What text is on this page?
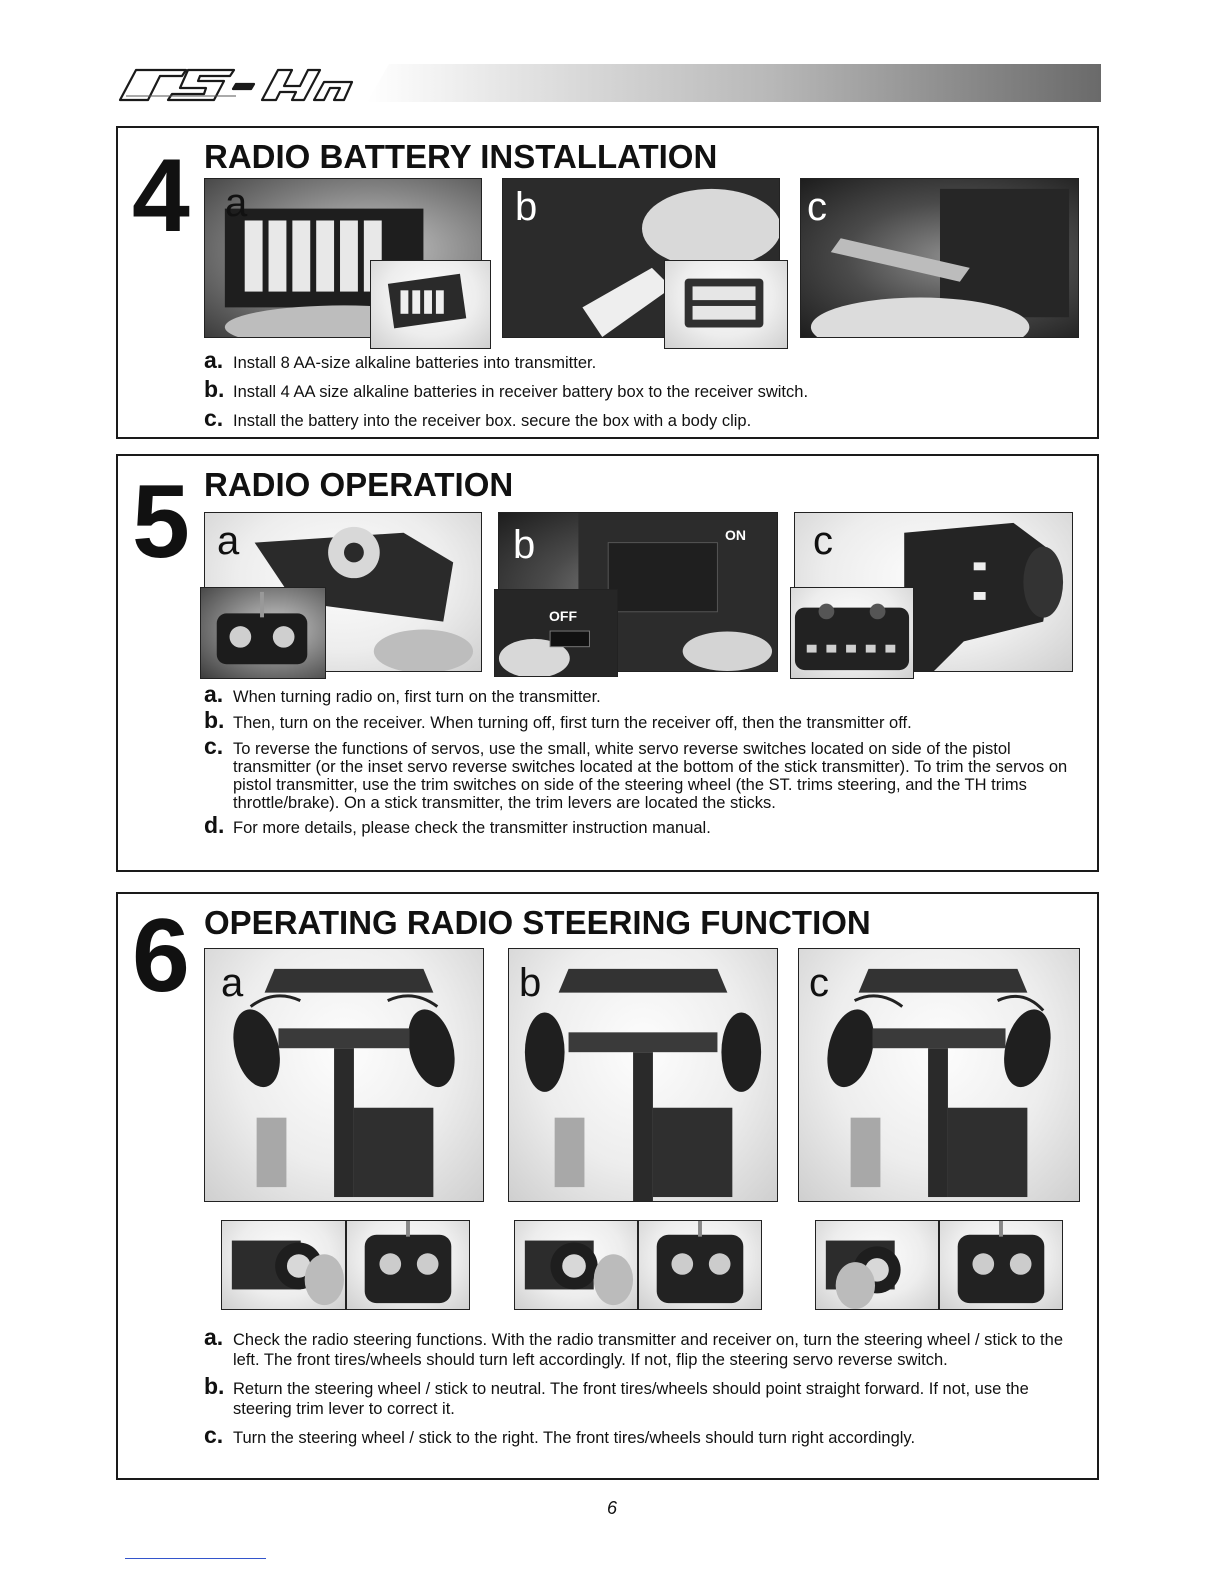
4 RADIO BATTERY INSTALLATION
a	b	c
a. Install 8 AA-size alkaline batteries into transmitter.
b. Install 4 AA size alkaline batteries in receiver battery box to the receiver switch.
c. Install the battery into the receiver box. secure the box with a body clip.
5 RADIO OPERATION
a	b	ON
OFF
c
a. When turning radio on, first turn on the transmitter.
b. Then, turn on the receiver. When turning off, first turn the receiver off, then the transmitter off.
c. To reverse the functions of servos, use the small, white servo reverse switches located on side of the pistol transmitter (or the inset servo reverse switches located at the bottom of the stick transmitter). To trim the servos on pistol transmitter, use the trim switches on side of the steering wheel (the ST. trims steering, and the TH trims throttle/brake). On a stick transmitter, the trim levers are located the sticks.
d. For more details, please check the transmitter instruction manual.
6 OPERATING RADIO STEERING FUNCTION
a	b	c
a. Check the radio steering functions. With the radio transmitter and receiver on, turn the steering wheel / stick to the left. The front tires/wheels should turn left accordingly. If not, flip the steering servo reverse switch.
b. Return the steering wheel / stick to neutral. The front tires/wheels should point straight forward. If not, use the steering trim lever to correct it.
c. Turn the steering wheel / stick to the right. The front tires/wheels should turn right accordingly.
6
